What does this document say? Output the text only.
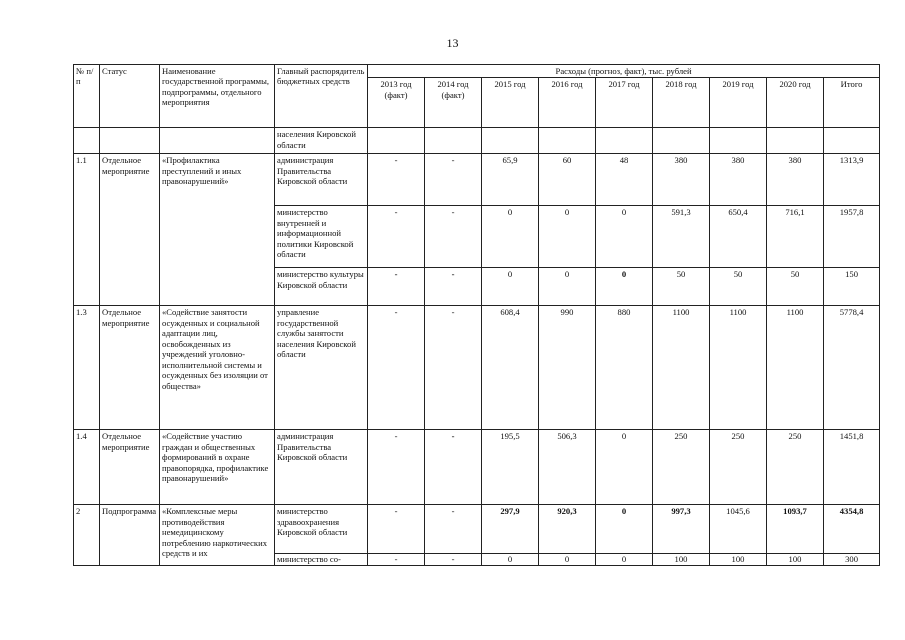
13
№ п/п	Статус	Наименование государственной программы, подпрограммы, отдельного мероприятия	Главный распорядитель бюджетных средств	Расходы (прогноз, факт), тыс. рублей								
				2013 год (факт)	2014 год (факт)	2015 год	2016 год	2017 год	2018 год	2019 год	2020 год	Итого
			населения Кировской области									
1.1	Отдельное мероприятие	«Профилактика преступлений и иных правонарушений»	администрация Правительства Кировской области	-	-	65,9	60	48	380	380	380	1313,9
			министерство внутренней и информационной политики Кировской области	-	-	0	0	0	591,3	650,4	716,1	1957,8
			министерство культуры Кировской области	-	-	0	0	0	50	50	50	150
1.3	Отдельное мероприятие	«Содействие занятости осужденных и социальной адаптации лиц, освобожденных из учреждений уголовно-исполнительной системы и осужденных без изоляции от общества»	управление государственной службы занятости населения Кировской области	-	-	608,4	990	880	1100	1100	1100	5778,4
1.4	Отдельное мероприятие	«Содействие участию граждан и общественных формирований в охране правопорядка, профилактике правонарушений»	администрация Правительства Кировской области	-	-	195,5	506,3	0	250	250	250	1451,8
2	Подпрограмма	«Комплексные меры противодействия немедицинскому потреблению наркотических средств и их	министерство здравоохранения Кировской области	-	-	297,9	920,3	0	997,3	1045,6	1093,7	4354,8
			министерство со-	-	-	0	0	0	100	100	100	300
